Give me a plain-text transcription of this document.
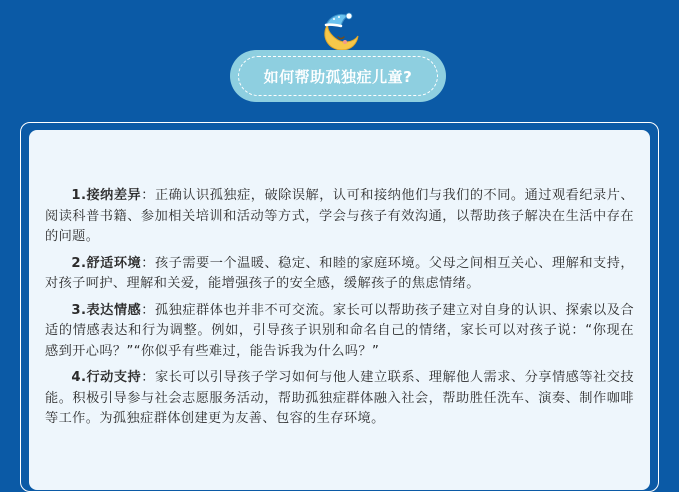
如何帮助孤独症儿童?

1.接纳差异：正确认识孤独症，破除误解，认可和接纳他们与我们的不同。通过观看纪录片、阅读科普书籍、参加相关培训和活动等方式，学会与孩子有效沟通，以帮助孩子解决在生活中存在的问题。

2.舒适环境：孩子需要一个温暖、稳定、和睦的家庭环境。父母之间相互关心、理解和支持，对孩子呵护、理解和关爱，能增强孩子的安全感，缓解孩子的焦虑情绪。

3.表达情感：孤独症群体也并非不可交流。家长可以帮助孩子建立对自身的认识、探索以及合适的情感表达和行为调整。例如，引导孩子识别和命名自己的情绪，家长可以对孩子说：“你现在感到开心吗？”“你似乎有些难过，能告诉我为什么吗？”

4.行动支持：家长可以引导孩子学习如何与他人建立联系、理解他人需求、分享情感等社交技能。积极引导参与社会志愿服务活动，帮助孤独症群体融入社会，帮助胜任洗车、演奏、制作咖啡等工作。为孤独症群体创建更为友善、包容的生存环境。
